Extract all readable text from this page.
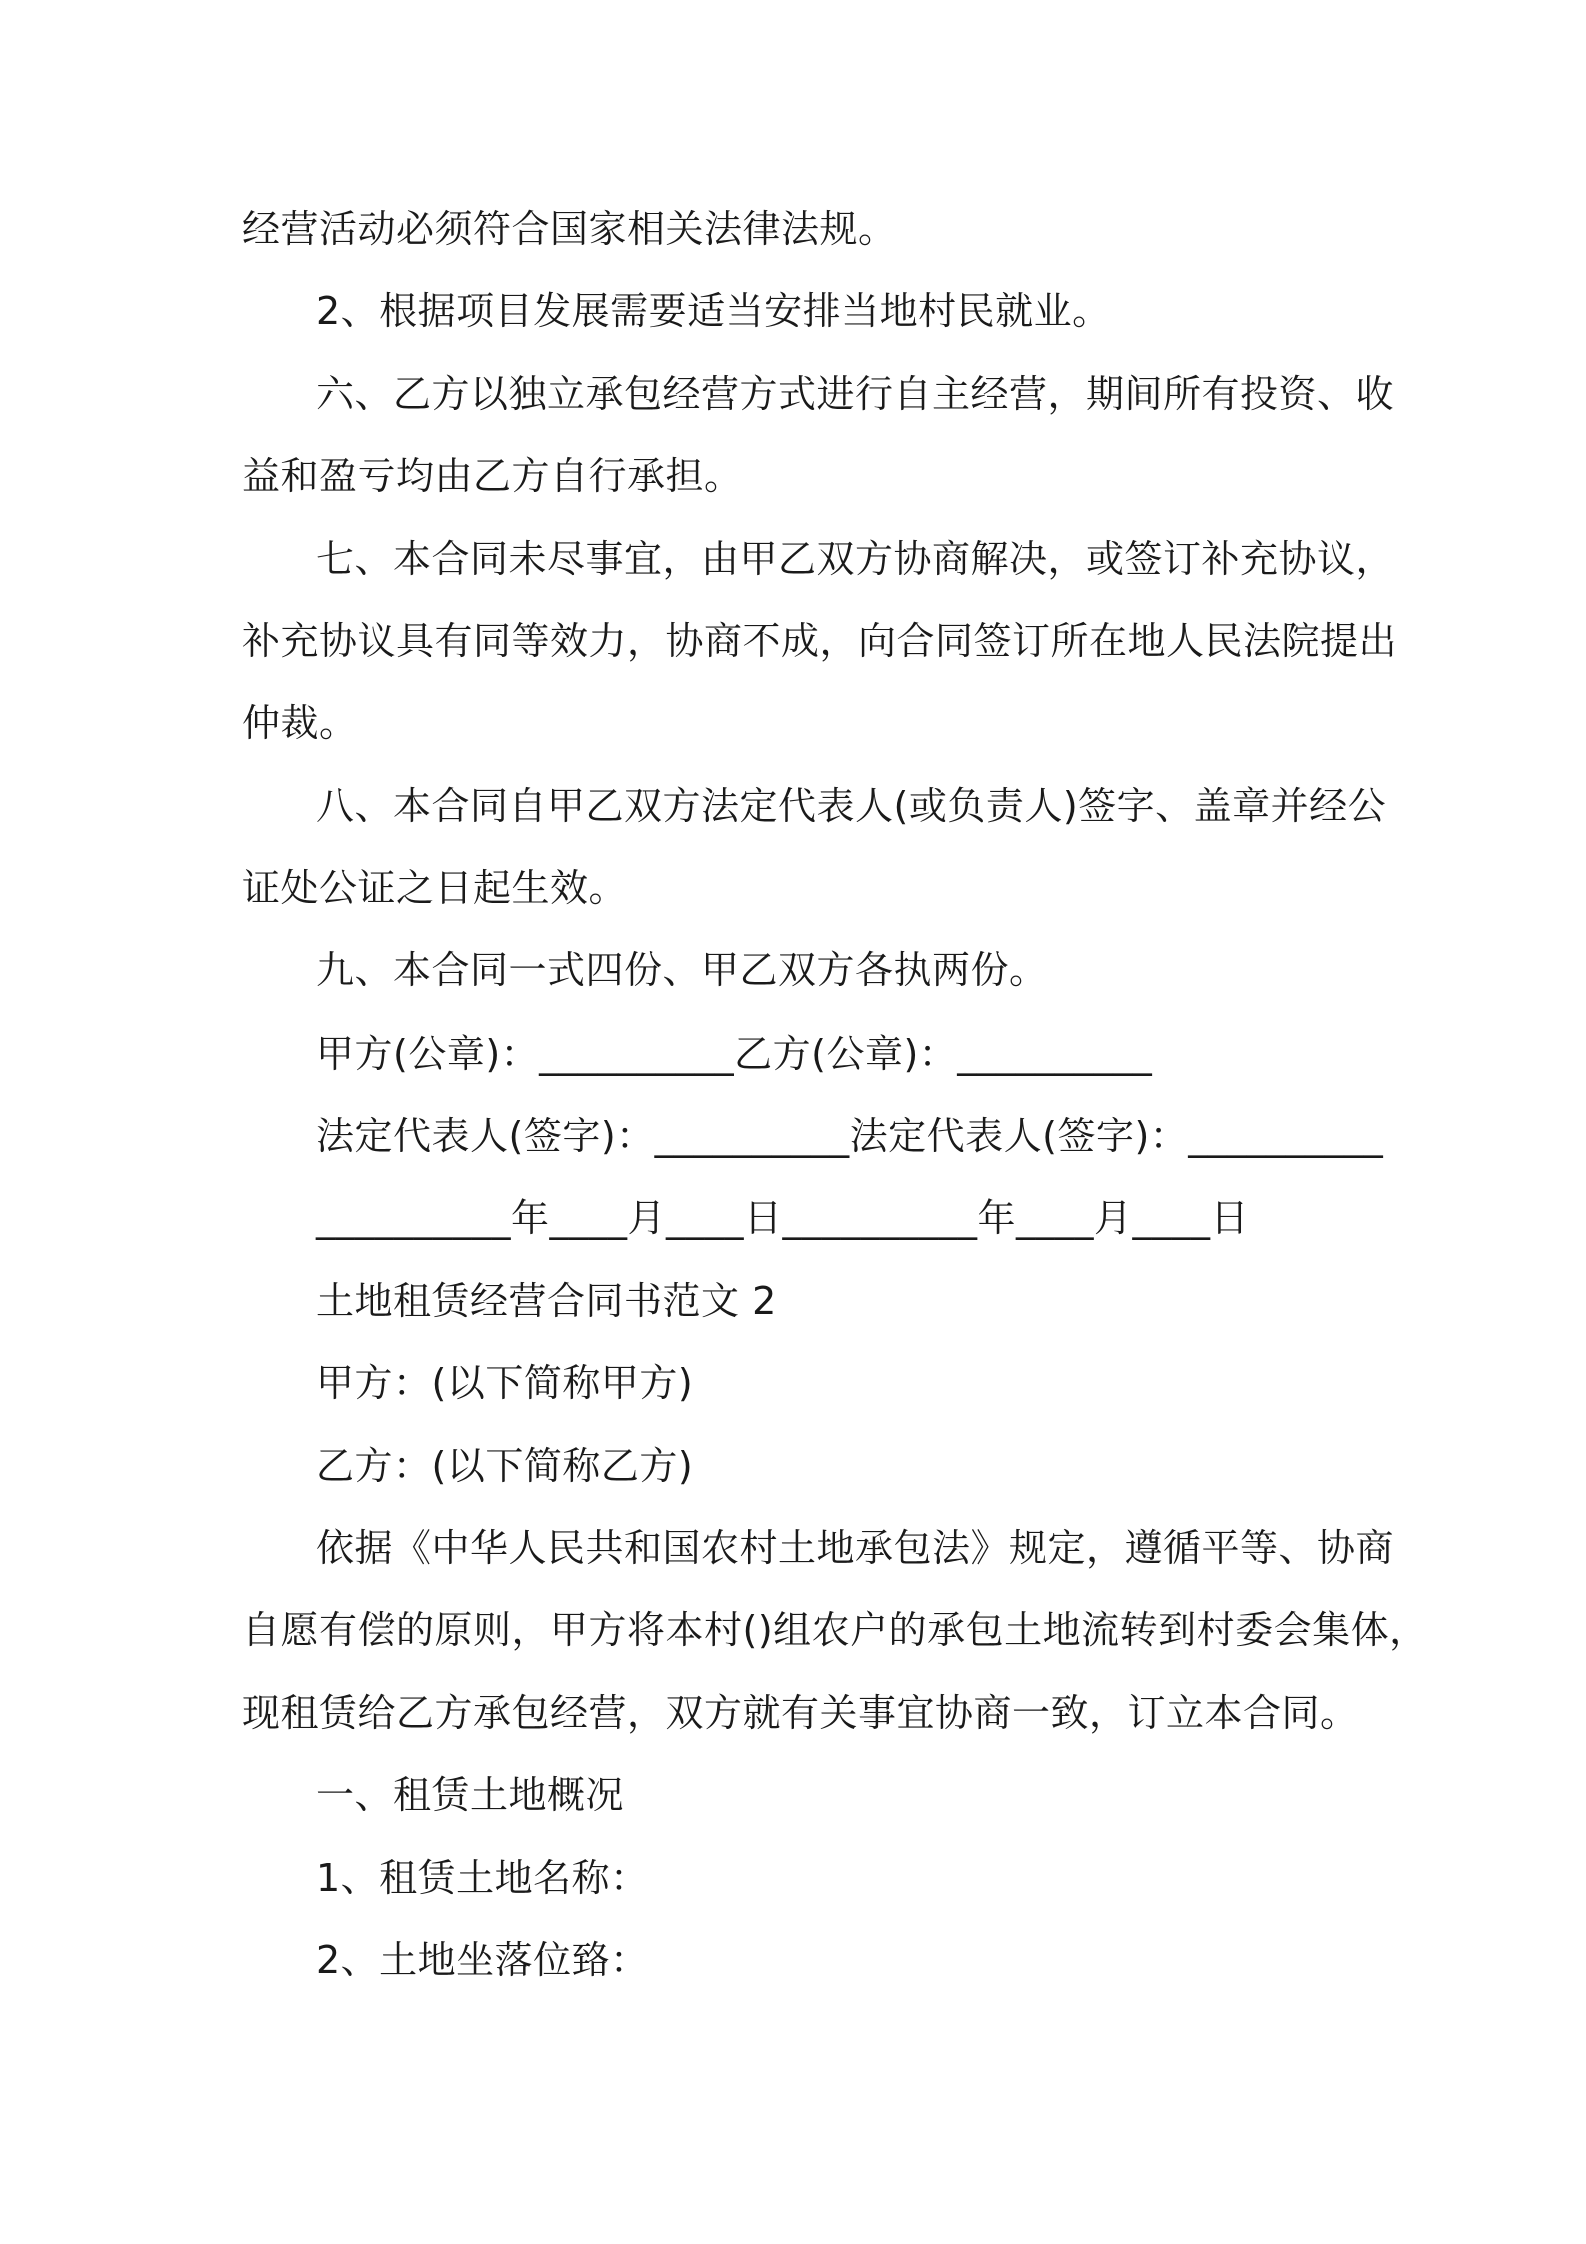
经营活动必须符合国家相关法律法规。
2、根据项目发展需要适当安排当地村民就业。
六、乙方以独立承包经营方式进行自主经营，期间所有投资、收
益和盈亏均由乙方自行承担。
七、本合同未尽事宜，由甲乙双方协商解决，或签订补充协议，
补充协议具有同等效力，协商不成，向合同签订所在地人民法院提出
仲裁。
八、本合同自甲乙双方法定代表人(或负责人)签字、盖章并经公
证处公证之日起生效。
九、本合同一式四份、甲乙双方各执两份。
甲方(公章)：__________乙方(公章)：__________
法定代表人(签字)：__________法定代表人(签字)：__________
__________年____月____日__________年____月____日
土地租赁经营合同书范文 2
甲方：(以下简称甲方)
乙方：(以下简称乙方)
依据《中华人民共和国农村土地承包法》规定，遵循平等、协商
自愿有偿的原则，甲方将本村()组农户的承包土地流转到村委会集体，
现租赁给乙方承包经营，双方就有关事宜协商一致，订立本合同。
一、租赁土地概况
1、租赁土地名称：
2、土地坐落位臵：
